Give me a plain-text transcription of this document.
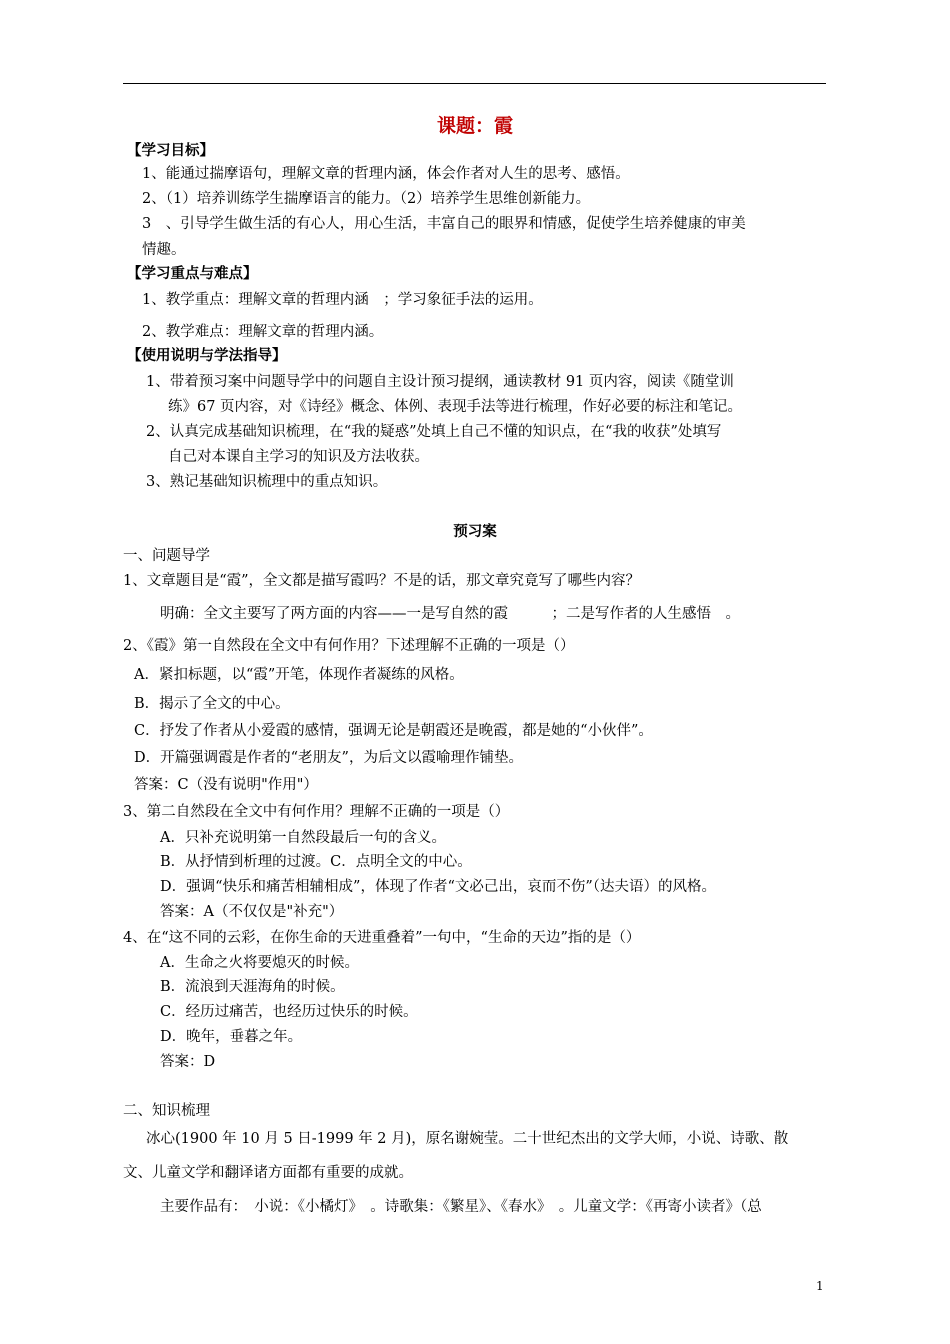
课题：霞
【学习目标】
1、能通过揣摩语句，理解文章的哲理内涵，体会作者对人生的思考、感悟。
2、（1）培养训练学生揣摩语言的能力。（2）培养学生思维创新能力。
3　、引导学生做生活的有心人，用心生活，丰富自己的眼界和情感，促使学生培养健康的审美
情趣。
【学习重点与难点】
1、教学重点：理解文章的哲理内涵　；学习象征手法的运用。
2、教学难点：理解文章的哲理内涵。
【使用说明与学法指导】
1、带着预习案中问题导学中的问题自主设计预习提纲，通读教材 91 页内容，阅读《随堂训
练》67 页内容，对《诗经》概念、体例、表现手法等进行梳理，作好必要的标注和笔记。
2、认真完成基础知识梳理，在“我的疑惑”处填上自己不懂的知识点，在“我的收获”处填写
自己对本课自主学习的知识及方法收获。
3、熟记基础知识梳理中的重点知识。
预习案
一、问题导学
1、文章题目是“霞”，全文都是描写霞吗？不是的话，那文章究竟写了哪些内容？
明确：全文主要写了两方面的内容——一是写自然的霞　　　；二是写作者的人生感悟　。
2、《霞》第一自然段在全文中有何作用？下述理解不正确的一项是（）
A．紧扣标题，以“霞”开笔，体现作者凝练的风格。
B．揭示了全文的中心。
C．抒发了作者从小爱霞的感情，强调无论是朝霞还是晚霞，都是她的“小伙伴”。
D．开篇强调霞是作者的“老朋友”，为后文以霞喻理作铺垫。
答案：C（没有说明"作用"）
3、第二自然段在全文中有何作用？理解不正确的一项是（）
A．只补充说明第一自然段最后一句的含义。
B．从抒情到析理的过渡。C．点明全文的中心。
D．强调“快乐和痛苦相辅相成”，体现了作者“文必己出，哀而不伤”（达夫语）的风格。
答案：A（不仅仅是"补充"）
4、在“这不同的云彩，在你生命的天进重叠着”一句中，“生命的天边”指的是（）
A．生命之火将要熄灭的时候。
B．流浪到天涯海角的时候。
C．经历过痛苦，也经历过快乐的时候。
D．晚年，垂暮之年。
答案：D
二、知识梳理
冰心(1900 年 10 月 5 日-1999 年 2 月)，原名谢婉莹。二十世纪杰出的文学大师，小说、诗歌、散
文、儿童文学和翻译诸方面都有重要的成就。
主要作品有：　小说：《小橘灯》　。诗歌集：《繁星》、《春水》　。儿童文学：《再寄小读者》（总
1
